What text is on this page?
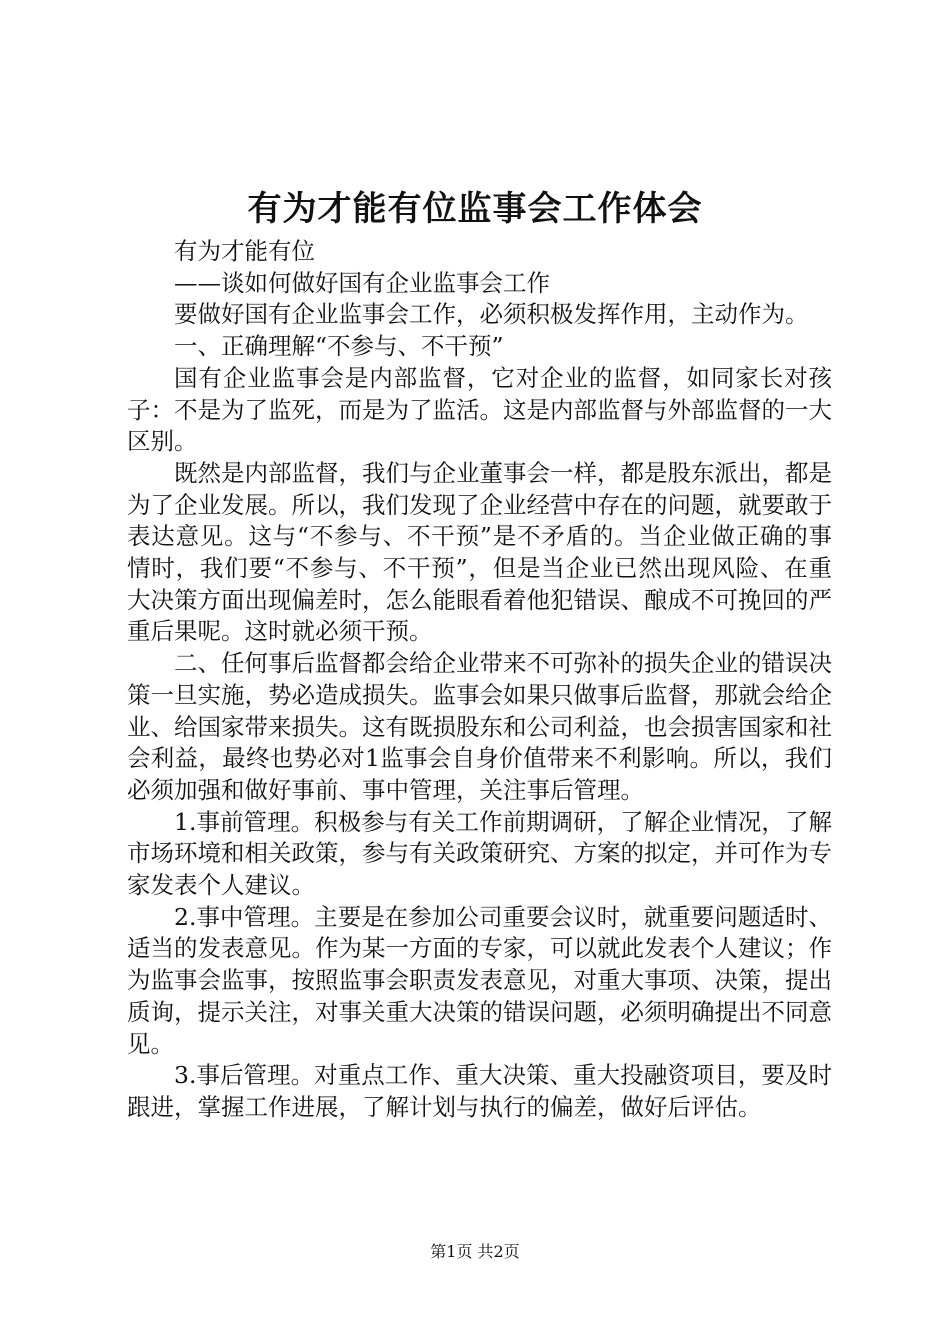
有为才能有位监事会工作体会

有为才能有位

——谈如何做好国有企业监事会工作

要做好国有企业监事会工作，必须积极发挥作用，主动作为。

一、正确理解“不参与、不干预”

国有企业监事会是内部监督，它对企业的监督，如同家长对孩子：不是为了监死，而是为了监活。这是内部监督与外部监督的一大区别。

既然是内部监督，我们与企业董事会一样，都是股东派出，都是为了企业发展。所以，我们发现了企业经营中存在的问题，就要敢于表达意见。这与“不参与、不干预”是不矛盾的。当企业做正确的事情时，我们要“不参与、不干预”，但是当企业已然出现风险、在重大决策方面出现偏差时，怎么能眼看着他犯错误、酿成不可挽回的严重后果呢。这时就必须干预。

二、任何事后监督都会给企业带来不可弥补的损失企业的错误决策一旦实施，势必造成损失。监事会如果只做事后监督，那就会给企业、给国家带来损失。这有既损股东和公司利益，也会损害国家和社会利益，最终也势必对1监事会自身价值带来不利影响。所以，我们必须加强和做好事前、事中管理，关注事后管理。

1.事前管理。积极参与有关工作前期调研，了解企业情况，了解市场环境和相关政策，参与有关政策研究、方案的拟定，并可作为专家发表个人建议。

2.事中管理。主要是在参加公司重要会议时，就重要问题适时、适当的发表意见。作为某一方面的专家，可以就此发表个人建议；作为监事会监事，按照监事会职责发表意见，对重大事项、决策，提出质询，提示关注，对事关重大决策的错误问题，必须明确提出不同意见。

3.事后管理。对重点工作、重大决策、重大投融资项目，要及时跟进，掌握工作进展，了解计划与执行的偏差，做好后评估。

第1页 共2页
